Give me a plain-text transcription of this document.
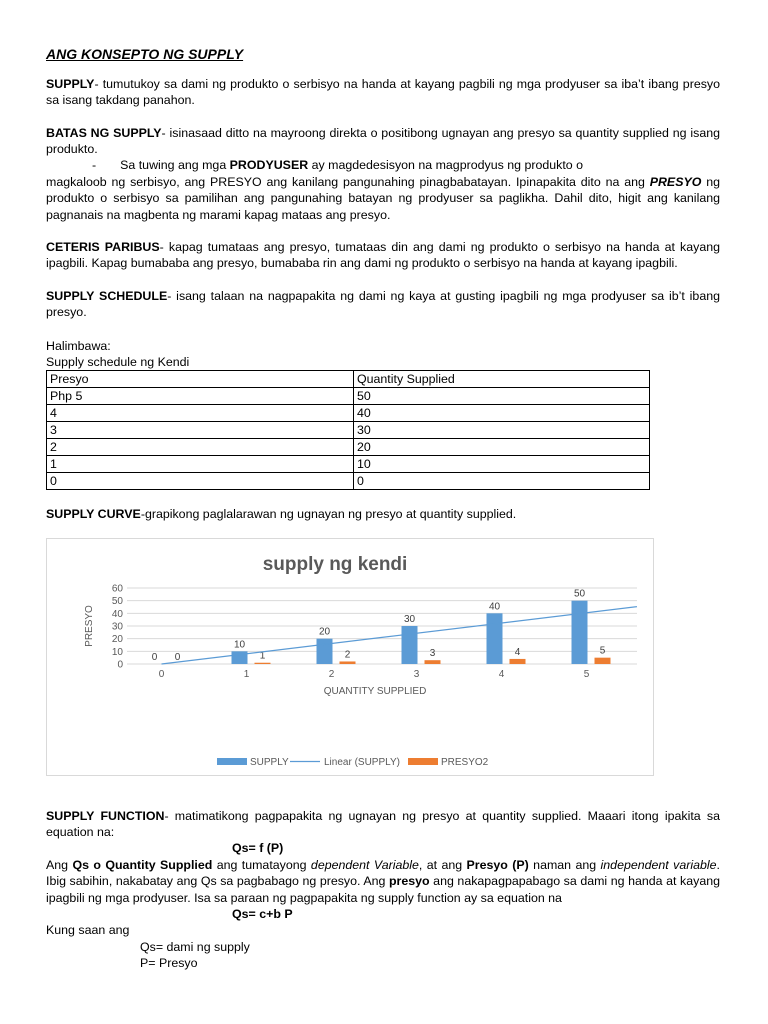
ANG KONSEPTO NG SUPPLY
SUPPLY- tumutukoy sa dami ng produkto o serbisyo na handa at kayang pagbili ng mga prodyuser sa iba’t ibang presyo sa isang takdang panahon.
BATAS NG SUPPLY- isinasaad ditto na mayroong direkta o positibong ugnayan ang presyo sa quantity supplied ng isang produkto.
- Sa tuwing ang mga PRODYUSER ay magdedesisyon na magprodyus ng produkto o
magkaloob ng serbisyo, ang PRESYO ang kanilang pangunahing pinagbabatayan. Ipinapakita dito na ang PRESYO ng produkto o serbisyo sa pamilihan ang pangunahing batayan ng prodyuser sa paglikha. Dahil dito, higit ang kanilang pagnanais na magbenta ng marami kapag mataas ang presyo.
CETERIS PARIBUS- kapag tumataas ang presyo, tumataas din ang dami ng produkto o serbisyo na handa at kayang ipagbili. Kapag bumababa ang presyo, bumababa rin ang dami ng produkto o serbisyo na handa at kayang ipagbili.
SUPPLY SCHEDULE- isang talaan na nagpapakita ng dami ng kaya at gusting ipagbili ng mga prodyuser sa ib’t ibang presyo.
Halimbawa:
Supply schedule ng Kendi
Presyo	Quantity Supplied
Php 5	50
4	40
3	30
2	20
1	10
0	0
SUPPLY CURVE-grapikong paglalarawan ng ugnayan ng presyo at quantity supplied.
SUPPLY FUNCTION- matimatikong pagpapakita ng ugnayan ng presyo at quantity supplied. Maaari itong ipakita sa equation na:
Qs= f (P)
Ang Qs o Quantity Supplied ang tumatayong dependent Variable, at ang Presyo (P) naman ang independent variable. Ibig sabihin, nakabatay ang Qs sa pagbabago ng presyo. Ang presyo ang nakapagpapabago sa dami ng handa at kayang ipagbili ng mga prodyuser. Isa sa paraan ng pagpapakita ng supply function ay sa equation na
Qs= c+b P
Kung saan ang
Qs= dami ng supply
P= Presyo
supply ng kendi
0
10
20
30
40
50
60
PRESYO
0	1	2	3	4	5
QUANTITY SUPPLIED
0 0
10
1
20
2
30
3
40
4
50
5
SUPPLY	Linear (SUPPLY)	PRESYO2
